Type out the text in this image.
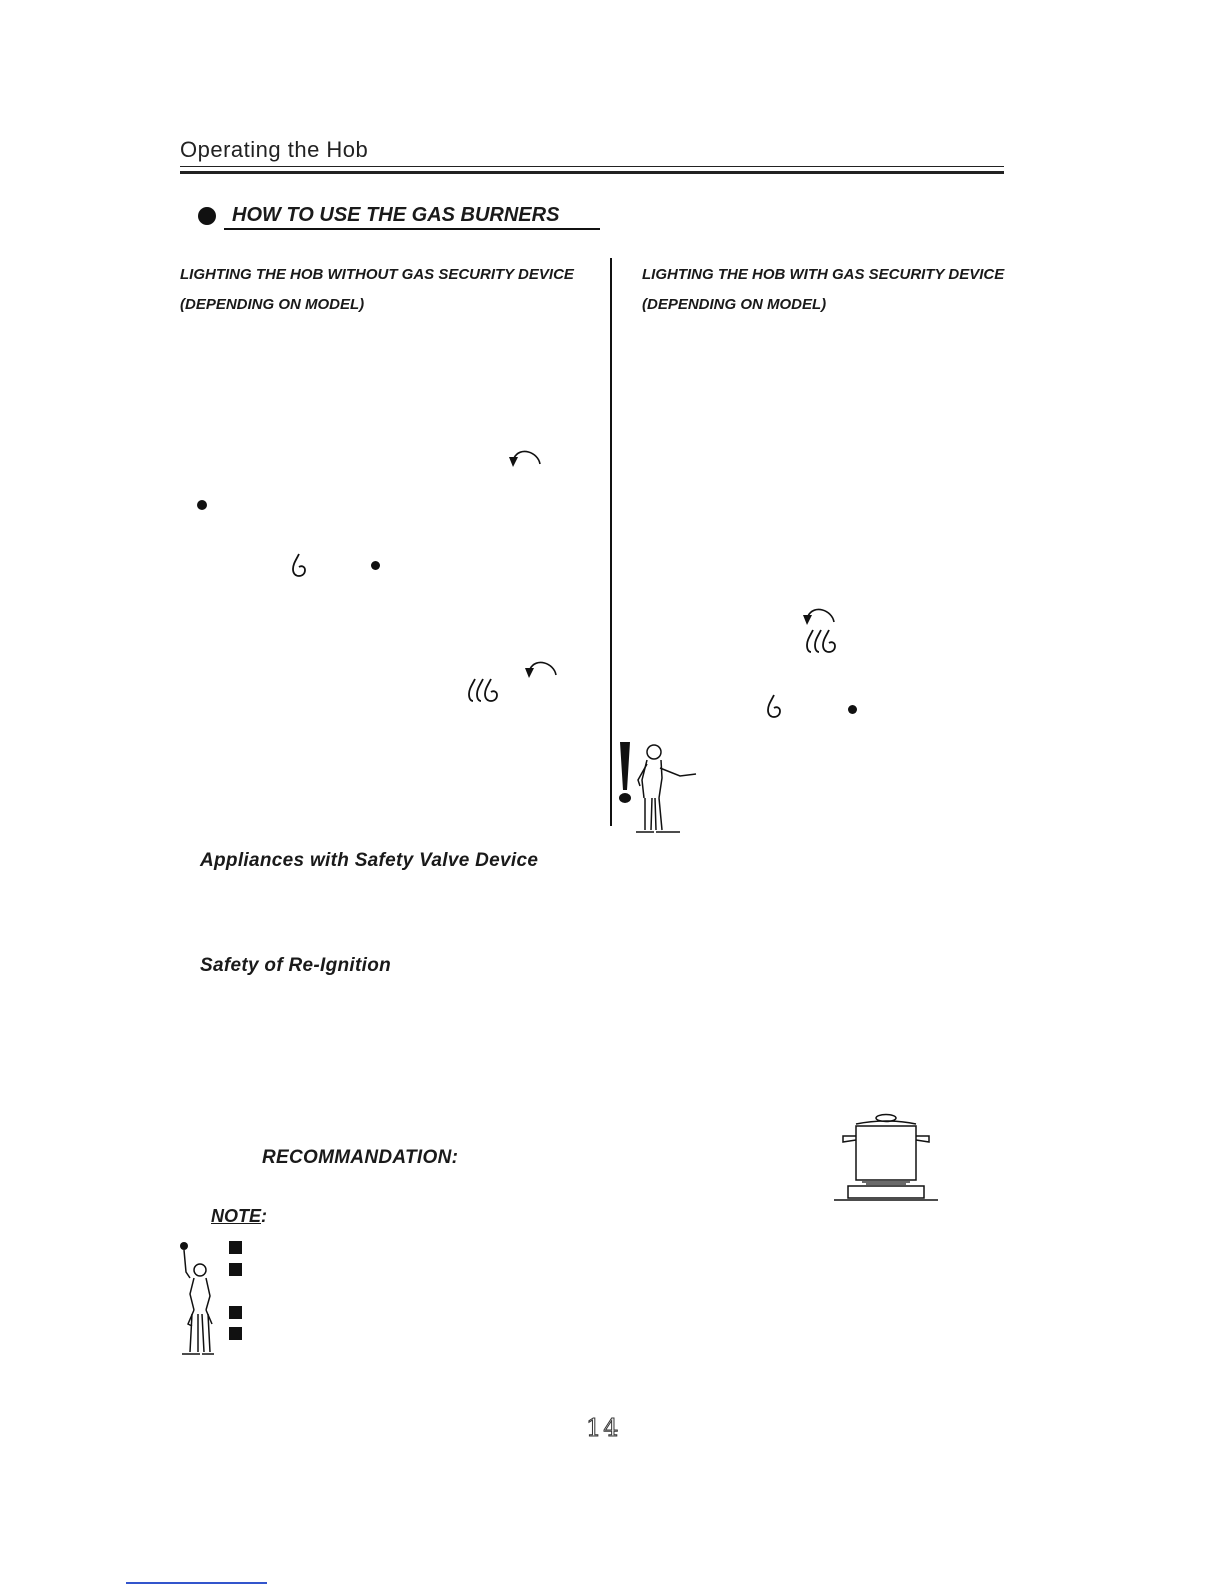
Operating the Hob
HOW TO USE THE GAS BURNERS
LIGHTING THE HOB WITHOUT GAS SECURITY DEVICE
(DEPENDING ON MODEL)
LIGHTING THE HOB WITH GAS SECURITY DEVICE
(DEPENDING ON MODEL)
Appliances with Safety Valve Device
Safety of Re-Ignition
RECOMMANDATION:
NOTE:
14
